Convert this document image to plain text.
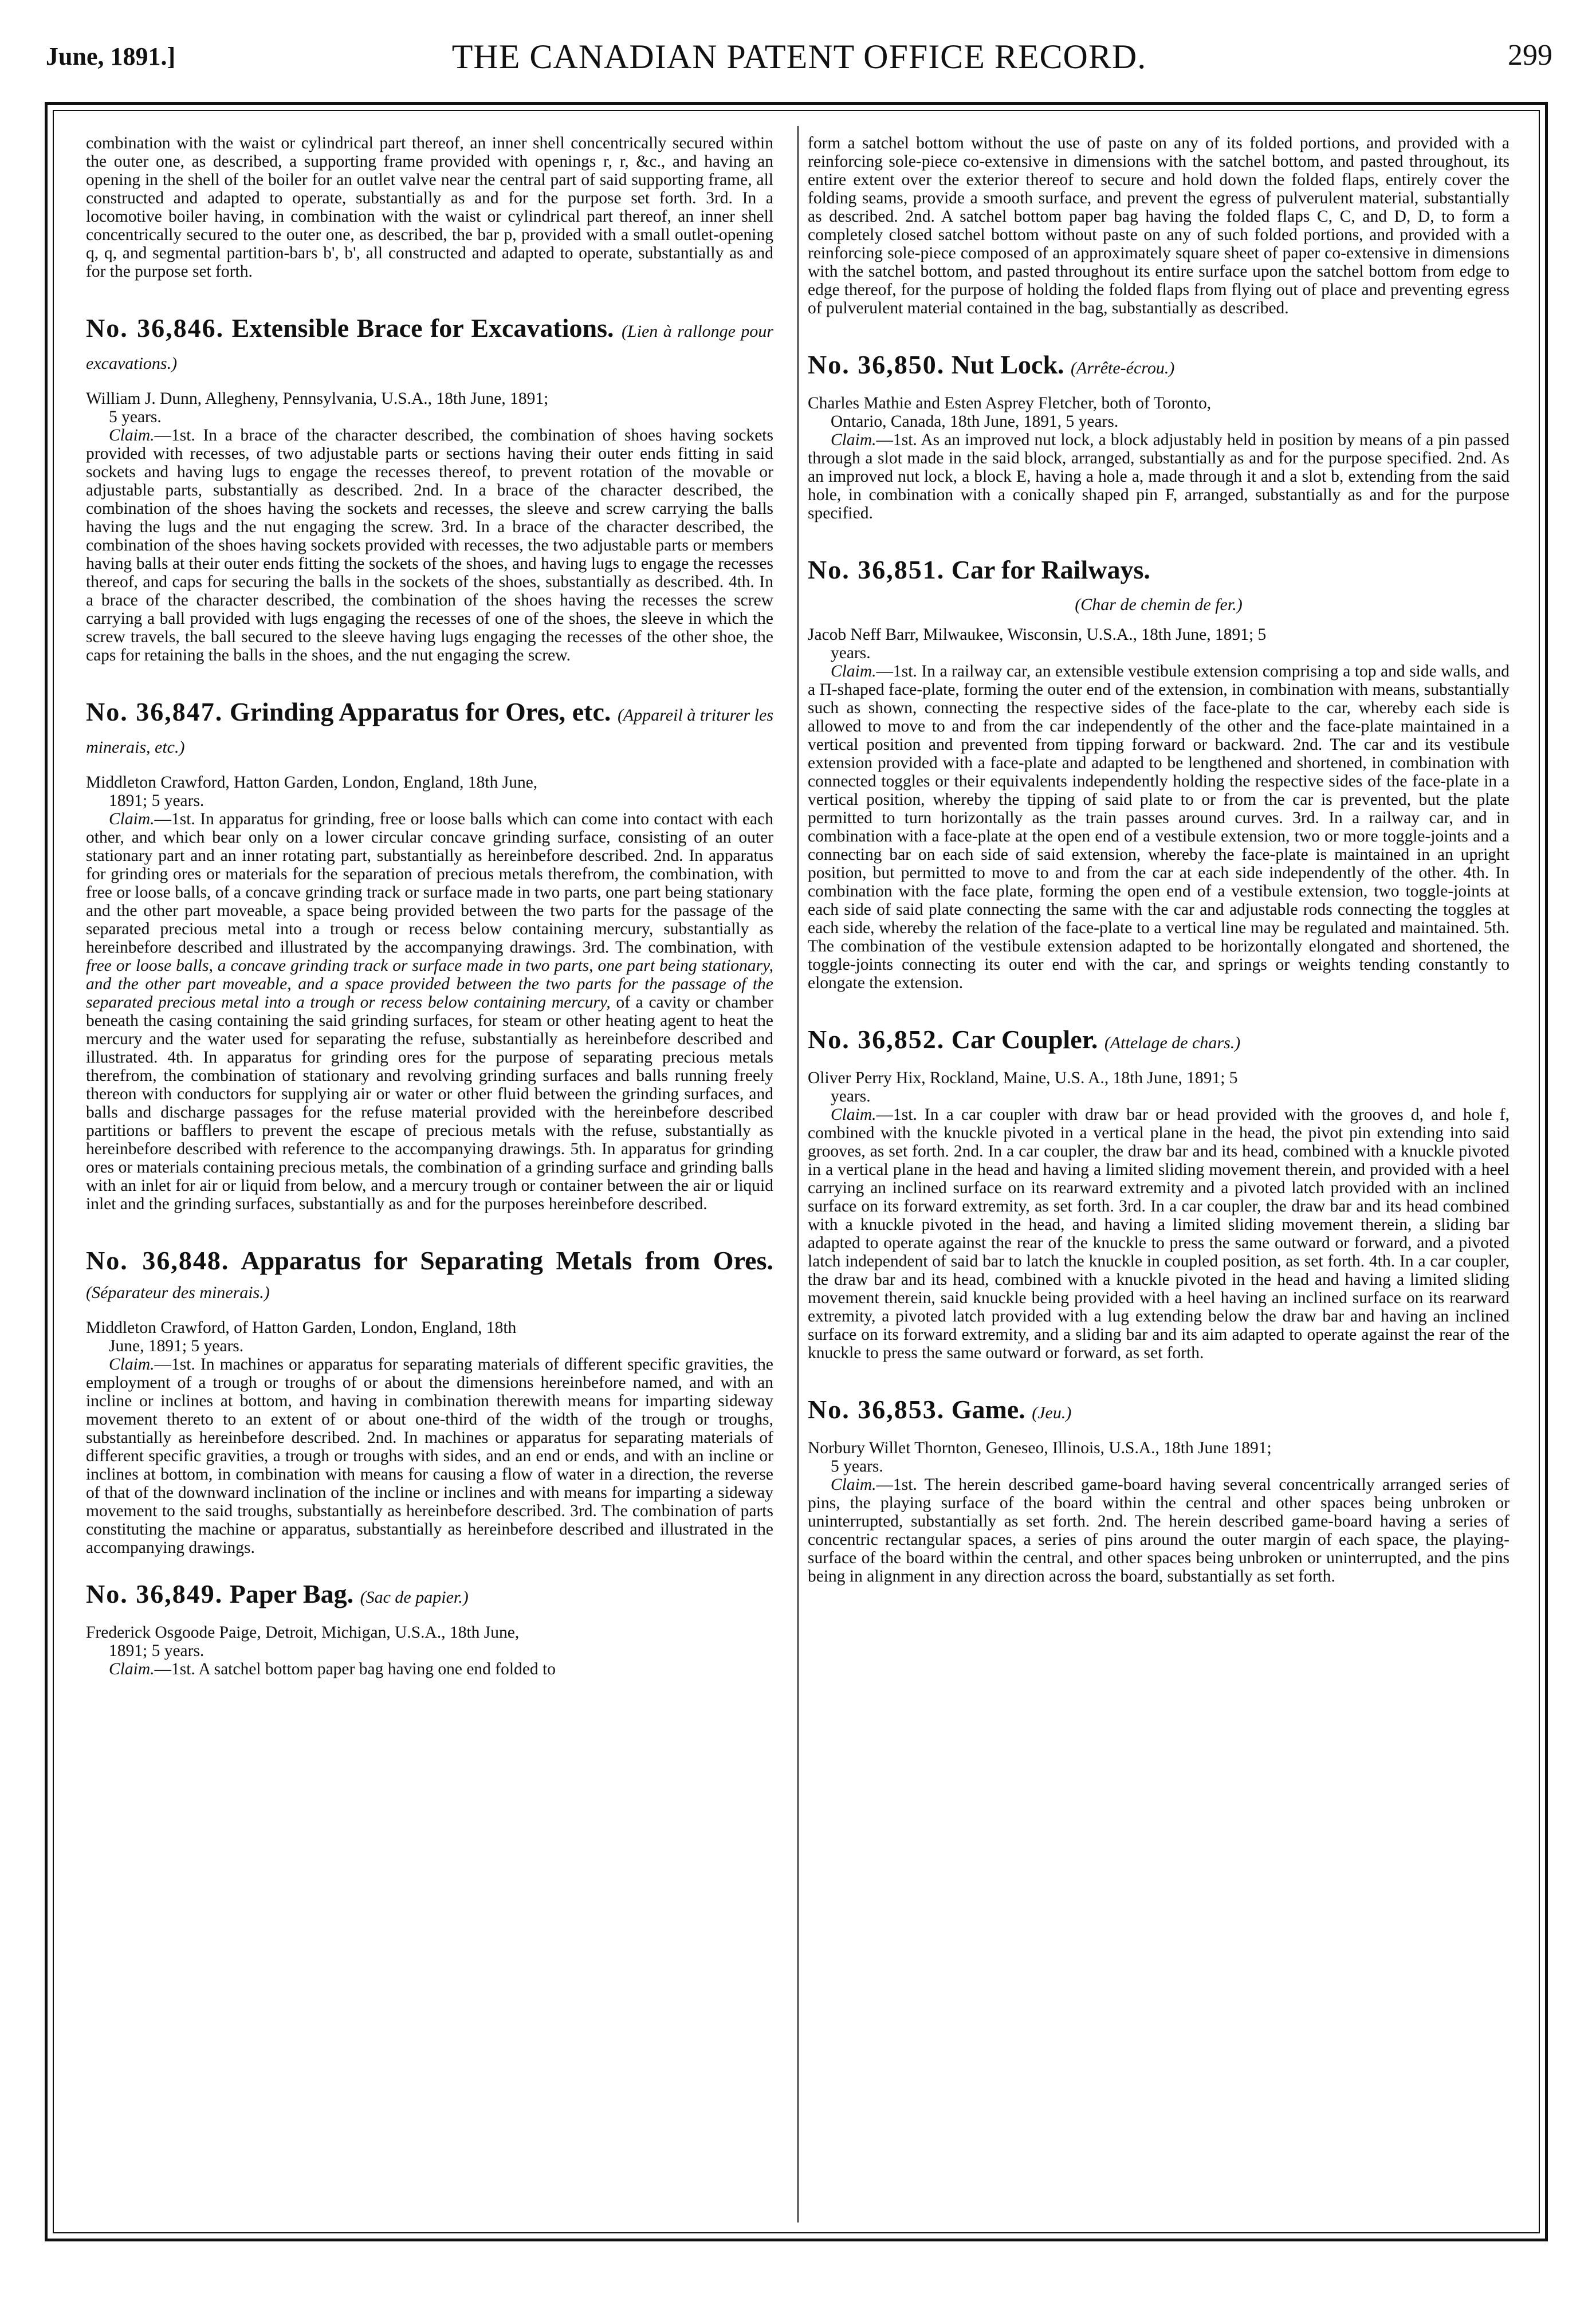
June, 1891.]	THE CANADIAN PATENT OFFICE RECORD.	299

combination with the waist or cylindrical part thereof, an inner shell concentrically secured within the outer one, as described, a supporting frame provided with openings r, r, &c., and having an opening in the shell of the boiler for an outlet valve near the central part of said supporting frame, all constructed and adapted to operate, substantially as and for the purpose set forth. 3rd. In a locomotive boiler having, in combination with the waist or cylindrical part thereof, an inner shell concentrically secured to the outer one, as described, the bar p, provided with a small outlet-opening q, q, and segmental partition-bars b', b', all constructed and adapted to operate, substantially as and for the purpose set forth.

No. 36,846. Extensible Brace for Excavations. (Lien à rallonge pour excavations.)

William J. Dunn, Allegheny, Pennsylvania, U.S.A., 18th June, 1891;
5 years.

Claim.—1st. In a brace of the character described, the combination of shoes having sockets provided with recesses, of two adjustable parts or sections having their outer ends fitting in said sockets and having lugs to engage the recesses thereof, to prevent rotation of the movable or adjustable parts, substantially as described. 2nd. In a brace of the character described, the combination of the shoes having the sockets and recesses, the sleeve and screw carrying the balls having the lugs and the nut engaging the screw. 3rd. In a brace of the character described, the combination of the shoes having sockets provided with recesses, the two adjustable parts or members having balls at their outer ends fitting the sockets of the shoes, and having lugs to engage the recesses thereof, and caps for securing the balls in the sockets of the shoes, substantially as described. 4th. In a brace of the character described, the combination of the shoes having the recesses the screw carrying a ball provided with lugs engaging the recesses of one of the shoes, the sleeve in which the screw travels, the ball secured to the sleeve having lugs engaging the recesses of the other shoe, the caps for retaining the balls in the shoes, and the nut engaging the screw.

No. 36,847. Grinding Apparatus for Ores, etc. (Appareil à triturer les minerais, etc.)

Middleton Crawford, Hatton Garden, London, England, 18th June,
1891; 5 years.

Claim.—1st. In apparatus for grinding, free or loose balls which can come into contact with each other, and which bear only on a lower circular concave grinding surface, consisting of an outer stationary part and an inner rotating part, substantially as hereinbefore described. 2nd. In apparatus for grinding ores or materials for the separation of precious metals therefrom, the combination, with free or loose balls, of a concave grinding track or surface made in two parts, one part being stationary and the other part moveable, a space being provided between the two parts for the passage of the separated precious metal into a trough or recess below containing mercury, substantially as hereinbefore described and illustrated by the accompanying drawings. 3rd. The combination, with free or loose balls, a concave grinding track or surface made in two parts, one part being stationary, and the other part moveable, and a space provided between the two parts for the passage of the separated precious metal into a trough or recess below containing mercury, of a cavity or chamber beneath the casing containing the said grinding surfaces, for steam or other heating agent to heat the mercury and the water used for separating the refuse, substantially as hereinbefore described and illustrated. 4th. In apparatus for grinding ores for the purpose of separating precious metals therefrom, the combination of stationary and revolving grinding surfaces and balls running freely thereon with conductors for supplying air or water or other fluid between the grinding surfaces, and balls and discharge passages for the refuse material provided with the hereinbefore described partitions or bafflers to prevent the escape of precious metals with the refuse, substantially as hereinbefore described with reference to the accompanying drawings. 5th. In apparatus for grinding ores or materials containing precious metals, the combination of a grinding surface and grinding balls with an inlet for air or liquid from below, and a mercury trough or container between the air or liquid inlet and the grinding surfaces, substantially as and for the purposes hereinbefore described.

No. 36,848. Apparatus for Separating Metals from Ores. (Séparateur des minerais.)

Middleton Crawford, of Hatton Garden, London, England, 18th
June, 1891; 5 years.

Claim.—1st. In machines or apparatus for separating materials of different specific gravities, the employment of a trough or troughs of or about the dimensions hereinbefore named, and with an incline or inclines at bottom, and having in combination therewith means for imparting sideway movement thereto to an extent of or about one-third of the width of the trough or troughs, substantially as hereinbefore described. 2nd. In machines or apparatus for separating materials of different specific gravities, a trough or troughs with sides, and an end or ends, and with an incline or inclines at bottom, in combination with means for causing a flow of water in a direction, the reverse of that of the downward inclination of the incline or inclines and with means for imparting a sideway movement to the said troughs, substantially as hereinbefore described. 3rd. The combination of parts constituting the machine or apparatus, substantially as hereinbefore described and illustrated in the accompanying drawings.

No. 36,849. Paper Bag. (Sac de papier.)

Frederick Osgoode Paige, Detroit, Michigan, U.S.A., 18th June,
1891; 5 years.

Claim.—1st. A satchel bottom paper bag having one end folded to

form a satchel bottom without the use of paste on any of its folded portions, and provided with a reinforcing sole-piece co-extensive in dimensions with the satchel bottom, and pasted throughout, its entire extent over the exterior thereof to secure and hold down the folded flaps, entirely cover the folding seams, provide a smooth surface, and prevent the egress of pulverulent material, substantially as described. 2nd. A satchel bottom paper bag having the folded flaps C, C, and D, D, to form a completely closed satchel bottom without paste on any of such folded portions, and provided with a reinforcing sole-piece composed of an approximately square sheet of paper co-extensive in dimensions with the satchel bottom, and pasted throughout its entire surface upon the satchel bottom from edge to edge thereof, for the purpose of holding the folded flaps from flying out of place and preventing egress of pulverulent material contained in the bag, substantially as described.

No. 36,850. Nut Lock. (Arrête-écrou.)

Charles Mathie and Esten Asprey Fletcher, both of Toronto,
Ontario, Canada, 18th June, 1891, 5 years.

Claim.—1st. As an improved nut lock, a block adjustably held in position by means of a pin passed through a slot made in the said block, arranged, substantially as and for the purpose specified. 2nd. As an improved nut lock, a block E, having a hole a, made through it and a slot b, extending from the said hole, in combination with a conically shaped pin F, arranged, substantially as and for the purpose specified.

No. 36,851. Car for Railways.

(Char de chemin de fer.)

Jacob Neff Barr, Milwaukee, Wisconsin, U.S.A., 18th June, 1891; 5
years.

Claim.—1st. In a railway car, an extensible vestibule extension comprising a top and side walls, and a Π-shaped face-plate, forming the outer end of the extension, in combination with means, substantially such as shown, connecting the respective sides of the face-plate to the car, whereby each side is allowed to move to and from the car independently of the other and the face-plate maintained in a vertical position and prevented from tipping forward or backward. 2nd. The car and its vestibule extension provided with a face-plate and adapted to be lengthened and shortened, in combination with connected toggles or their equivalents independently holding the respective sides of the face-plate in a vertical position, whereby the tipping of said plate to or from the car is prevented, but the plate permitted to turn horizontally as the train passes around curves. 3rd. In a railway car, and in combination with a face-plate at the open end of a vestibule extension, two or more toggle-joints and a connecting bar on each side of said extension, whereby the face-plate is maintained in an upright position, but permitted to move to and from the car at each side independently of the other. 4th. In combination with the face plate, forming the open end of a vestibule extension, two toggle-joints at each side of said plate connecting the same with the car and adjustable rods connecting the toggles at each side, whereby the relation of the face-plate to a vertical line may be regulated and maintained. 5th. The combination of the vestibule extension adapted to be horizontally elongated and shortened, the toggle-joints connecting its outer end with the car, and springs or weights tending constantly to elongate the extension.

No. 36,852. Car Coupler. (Attelage de chars.)

Oliver Perry Hix, Rockland, Maine, U.S. A., 18th June, 1891; 5
years.

Claim.—1st. In a car coupler with draw bar or head provided with the grooves d, and hole f, combined with the knuckle pivoted in a vertical plane in the head, the pivot pin extending into said grooves, as set forth. 2nd. In a car coupler, the draw bar and its head, combined with a knuckle pivoted in a vertical plane in the head and having a limited sliding movement therein, and provided with a heel carrying an inclined surface on its rearward extremity and a pivoted latch provided with an inclined surface on its forward extremity, as set forth. 3rd. In a car coupler, the draw bar and its head combined with a knuckle pivoted in the head, and having a limited sliding movement therein, a sliding bar adapted to operate against the rear of the knuckle to press the same outward or forward, and a pivoted latch independent of said bar to latch the knuckle in coupled position, as set forth. 4th. In a car coupler, the draw bar and its head, combined with a knuckle pivoted in the head and having a limited sliding movement therein, said knuckle being provided with a heel having an inclined surface on its rearward extremity, a pivoted latch provided with a lug extending below the draw bar and having an inclined surface on its forward extremity, and a sliding bar and its aim adapted to operate against the rear of the knuckle to press the same outward or forward, as set forth.

No. 36,853. Game. (Jeu.)

Norbury Willet Thornton, Geneseo, Illinois, U.S.A., 18th June 1891;
5 years.

Claim.—1st. The herein described game-board having several concentrically arranged series of pins, the playing surface of the board within the central and other spaces being unbroken or uninterrupted, substantially as set forth. 2nd. The herein described game-board having a series of concentric rectangular spaces, a series of pins around the outer margin of each space, the playing-surface of the board within the central, and other spaces being unbroken or uninterrupted, and the pins being in alignment in any direction across the board, substantially as set forth.
